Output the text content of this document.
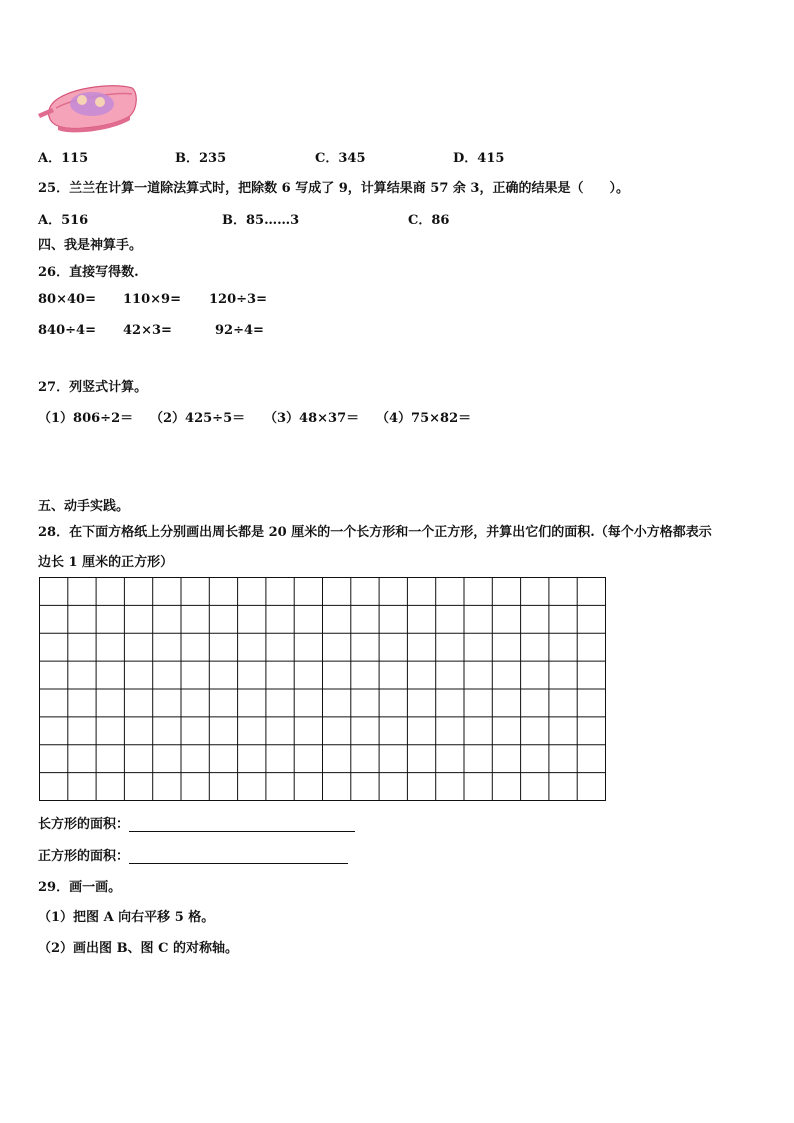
A．115	B．235	C．345	D．415
25．兰兰在计算一道除法算式时，把除数 6 写成了 9，计算结果商 57 余 3，正确的结果是（　　）。
A．516	B．85……3	C．86
四、我是神算手。
26．直接写得数.
80×40= 110×9= 120÷3=
840÷4= 42×3=	92÷4=
27．列竖式计算。
（1）806÷2＝ （2）425÷5＝ （3）48×37＝ （4）75×82＝
五、动手实践。
28．在下面方格纸上分别画出周长都是 20 厘米的一个长方形和一个正方形，并算出它们的面积.（每个小方格都表示
边长 1 厘米的正方形）
长方形的面积：
正方形的面积：
29．画一画。
（1）把图 A 向右平移 5 格。
（2）画出图 B、图 C 的对称轴。
